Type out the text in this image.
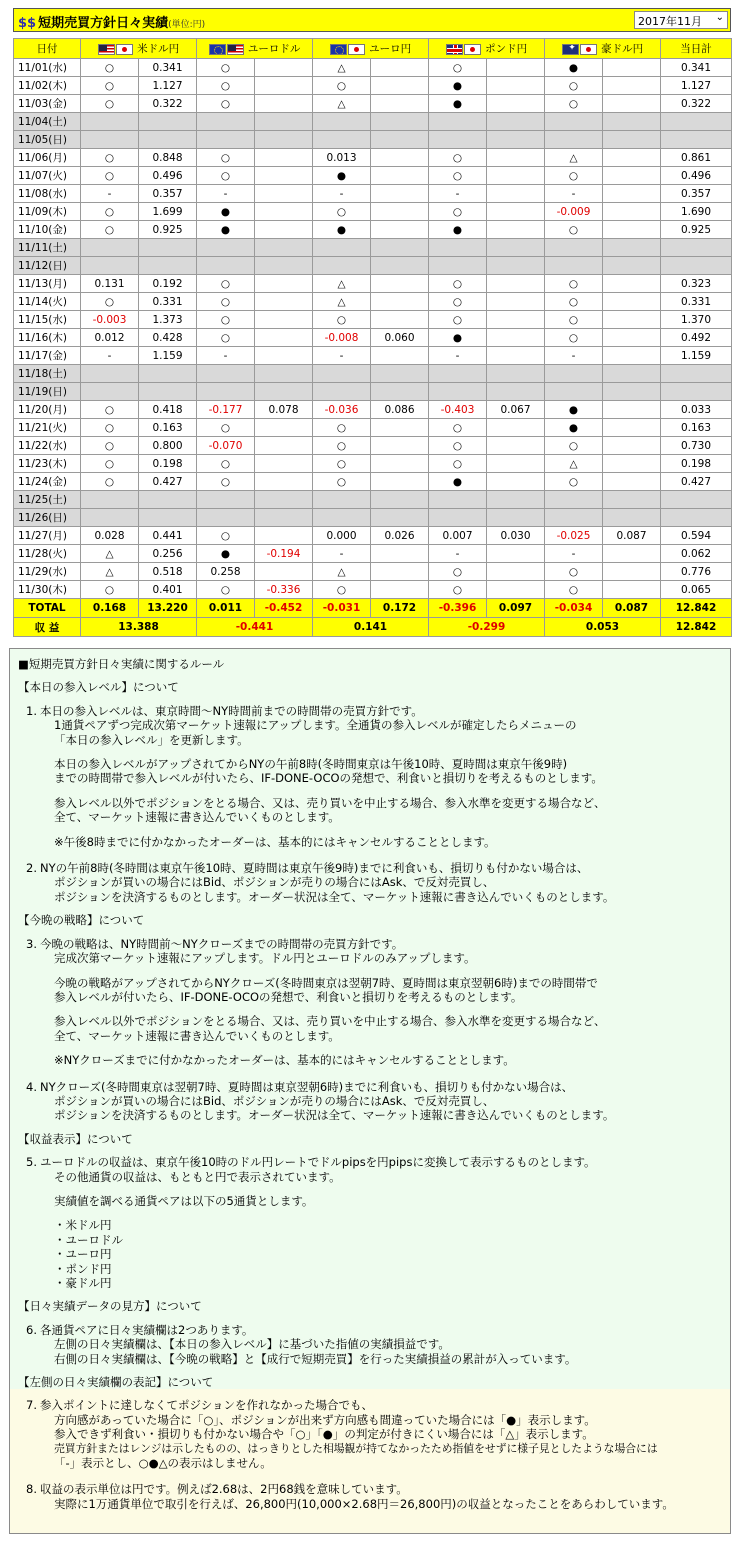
$$ 短期売買方針日々実績(単位:円)	2017年11月 ⌄
日付	米ドル円		ユーロドル		ユーロ円		ポンド円	✦豪ドル円		当日計
11/01(水)	○	0.341	○		△		○		●		0.341
11/02(木)	○	1.127	○		○		●		○		1.127
11/03(金)	○	0.322	○		△		●		○		0.322
11/04(土)											
11/05(日)											
11/06(月)	○	0.848	○		0.013		○		△		0.861
11/07(火)	○	0.496	○		●		○		○		0.496
11/08(水)	-	0.357	-		-		-		-		0.357
11/09(木)	○	1.699	●		○		○		-0.009		1.690
11/10(金)	○	0.925	●		●		●		○		0.925
11/11(土)											
11/12(日)											
11/13(月)	0.131	0.192	○		△		○		○		0.323
11/14(火)	○	0.331	○		△		○		○		0.331
11/15(水)	-0.003	1.373	○		○		○		○		1.370
11/16(木)	0.012	0.428	○		-0.008	0.060	●		○		0.492
11/17(金)	-	1.159	-		-		-		-		1.159
11/18(土)											
11/19(日)											
11/20(月)	○	0.418	-0.177	0.078	-0.036	0.086	-0.403	0.067	●		0.033
11/21(火)	○	0.163	○		○		○		●		0.163
11/22(水)	○	0.800	-0.070		○		○		○		0.730
11/23(木)	○	0.198	○		○		○		△		0.198
11/24(金)	○	0.427	○		○		●		○		0.427
11/25(土)											
11/26(日)											
11/27(月)	0.028	0.441	○		0.000	0.026	0.007	0.030	-0.025	0.087	0.594
11/28(火)	△	0.256	●	-0.194	-		-		-		0.062
11/29(水)	△	0.518	0.258		△		○		○		0.776
11/30(木)	○	0.401	○	-0.336	○		○		○		0.065
TOTAL	0.168	13.220	0.011	-0.452	-0.031	0.172	-0.396	0.097	-0.034	0.087	12.842
収 益	13.388		-0.441		0.141		-0.299		0.053		12.842

■短期売買方針日々実績に関するルール

【本日の参入レベル】について

1. 本日の参入レベルは、東京時間～NY時間前までの時間帯の売買方針です。

1通貨ペアずつ完成次第マーケット速報にアップします。全通貨の参入レベルが確定したらメニューの

「本日の参入レベル」を更新します。

本日の参入レベルがアップされてからNYの午前8時(冬時間東京は午後10時、夏時間は東京午後9時)

までの時間帯で参入レベルが付いたら、IF-DONE-OCOの発想で、利食いと損切りを考えるものとします。

参入レベル以外でポジションをとる場合、又は、売り買いを中止する場合、参入水準を変更する場合など、

全て、マーケット速報に書き込んでいくものとします。

※午後8時までに付かなかったオーダーは、基本的にはキャンセルすることとします。

2. NYの午前8時(冬時間は東京午後10時、夏時間は東京午後9時)までに利食いも、損切りも付かない場合は、

ポジションが買いの場合にはBid、ポジションが売りの場合にはAsk、で反対売買し、

ポジションを決済するものとします。オーダー状況は全て、マーケット速報に書き込んでいくものとします。

【今晩の戦略】について

3. 今晩の戦略は、NY時間前～NYクローズまでの時間帯の売買方針です。

完成次第マーケット速報にアップします。ドル円とユーロドルのみアップします。

今晩の戦略がアップされてからNYクローズ(冬時間東京は翌朝7時、夏時間は東京翌朝6時)までの時間帯で

参入レベルが付いたら、IF-DONE-OCOの発想で、利食いと損切りを考えるものとします。

参入レベル以外でポジションをとる場合、又は、売り買いを中止する場合、参入水準を変更する場合など、

全て、マーケット速報に書き込んでいくものとします。

※NYクローズまでに付かなかったオーダーは、基本的にはキャンセルすることとします。

4. NYクローズ(冬時間東京は翌朝7時、夏時間は東京翌朝6時)までに利食いも、損切りも付かない場合は、

ポジションが買いの場合にはBid、ポジションが売りの場合にはAsk、で反対売買し、

ポジションを決済するものとします。オーダー状況は全て、マーケット速報に書き込んでいくものとします。

【収益表示】について

5. ユーロドルの収益は、東京午後10時のドル円レートでドルpipsを円pipsに変換して表示するものとします。

その他通貨の収益は、もともと円で表示されています。

実績値を調べる通貨ペアは以下の5通貨とします。

・米ドル円

・ユーロドル

・ユーロ円

・ポンド円

・豪ドル円

【日々実績データの見方】について

6. 各通貨ペアに日々実績欄は2つあります。

左側の日々実績欄は、【本日の参入レベル】に基づいた指値の実績損益です。

右側の日々実績欄は、【今晩の戦略】と【成行で短期売買】を行った実績損益の累計が入っています。

【左側の日々実績欄の表記】について

7. 参入ポイントに達しなくてポジションを作れなかった場合でも、

方向感があっていた場合に「○」、ポジションが出来ず方向感も間違っていた場合には「●」表示します。

参入できず利食い・損切りも付かない場合や「○」「●」の判定が付きにくい場合には「△」表示します。

売買方針またはレンジは示したものの、はっきりとした相場観が持てなかったため指値をせずに様子見としたような場合には

「-」表示とし、○●△の表示はしません。

8. 収益の表示単位は円です。例えば2.68は、2円68銭を意味しています。

実際に1万通貨単位で取引を行えば、26,800円(10,000×2.68円＝26,800円)の収益となったことをあらわしています。
